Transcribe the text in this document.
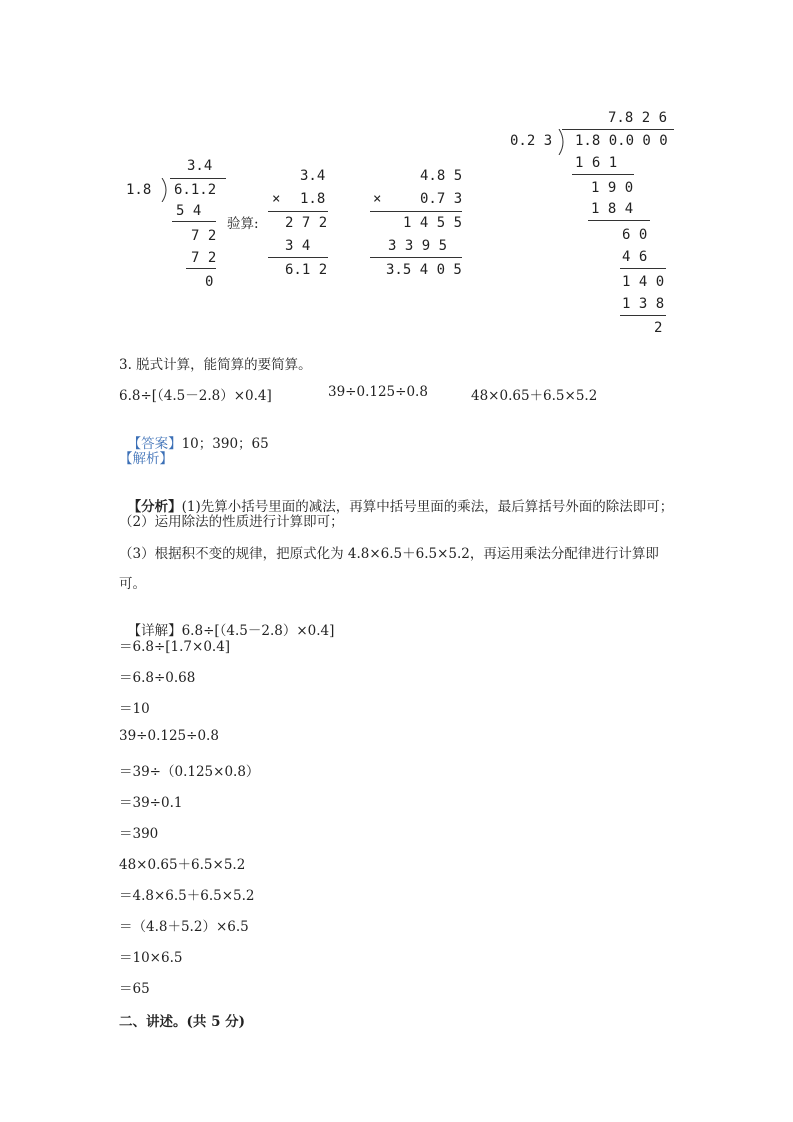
3.4
1.8 6.1.2
5 4
7 2
7 2
0
验算:
3.4
× 1.8
2 7 2
3 4
6.1 2
4.8 5
×	0.7 3
1 4 5 5
3 3 9 5
3.5 4 0 5
7.8 2 6
0.2 3 1.8 0.0 0 0
1 6 1
1 9 0
1 8 4
6 0
4 6
1 4 0
1 3 8
2
3. 脱式计算，能简算的要简算。
6.8÷[（4.5－2.8）×0.4]	39÷0.125÷0.8	48×0.65＋6.5×5.2

【答案】10；390；65

【解析】

【分析】(1)先算小括号里面的减法，再算中括号里面的乘法，最后算括号外面的除法即可；

（2）运用除法的性质进行计算即可；
（3）根据积不变的规律，把原式化为 4.8×6.5＋6.5×5.2，再运用乘法分配律进行计算即
可。

【详解】6.8÷[（4.5－2.8）×0.4]

＝6.8÷[1.7×0.4]
＝6.8÷0.68
＝10
39÷0.125÷0.8
＝39÷（0.125×0.8）
＝39÷0.1
＝390
48×0.65＋6.5×5.2
＝4.8×6.5＋6.5×5.2
＝（4.8＋5.2）×6.5
＝10×6.5
＝65
二、讲述。(共 5 分)
